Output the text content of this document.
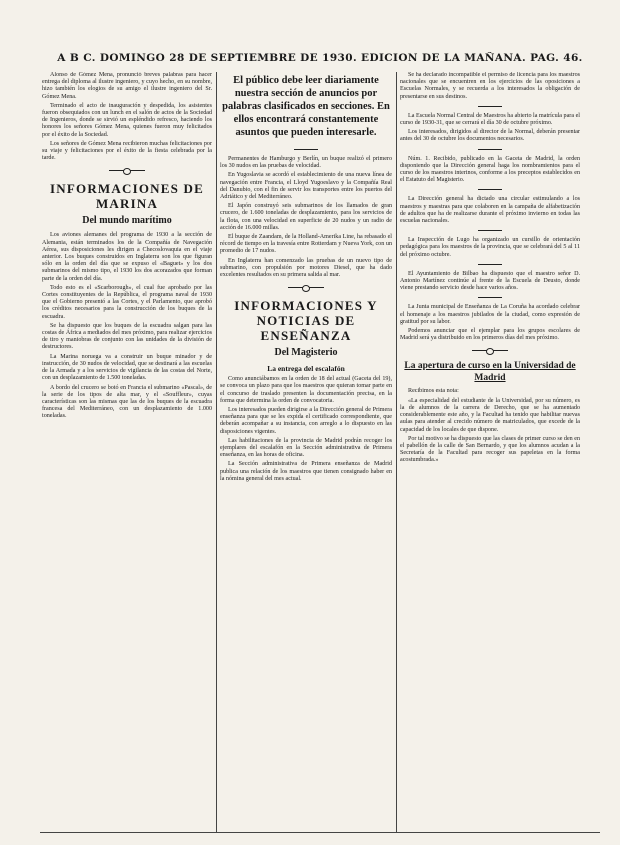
A B C. DOMINGO 28 DE SEPTIEMBRE DE 1930. EDICION DE LA MAÑANA. PAG. 46.

Alonso de Gómez Mena, pronunció breves palabras para hacer entrega del diploma al ilustre ingeniero, y cuyo hecho, en su nombre, hizo también los elogios de su amigo el ilustre ingeniero del Sr. Gómez Mena.

Terminado el acto de inauguración y despedida, los asistentes fueron obsequiados con un lunch en el salón de actos de la Sociedad de Ingenieros, donde se sirvió un espléndido refresco, haciendo los honores los señores Gómez Mena, quienes fueron muy felicitados por el éxito de la Sociedad.

Los señores de Gómez Mena recibieron muchas felicitaciones por su viaje y felicitaciones por el éxito de la fiesta celebrada por la tarde.

INFORMACIONES DE MARINA
Del mundo marítimo

Los aviones alemanes del programa de 1930 a la sección de Alemania, están terminados los de la Compañía de Navegación Aérea, sus disposiciones les dirigen a Checoslovaquia en el viaje anterior. Los buques construidos en Inglaterra son los que figuran sólo en la orden del día que se expuso el «Baguet» y los dos submarinos del mismo tipo, el 1930 los dos acorazados que forman parte de la orden del día.

Todo esto es el «Scarborough», el cual fue aprobado por las Cortes constituyentes de la República, el programa naval de 1930 que el Gobierno presentó a las Cortes, y el Parlamento, que aprobó los créditos necesarios para la construcción de los buques de la escuadra.

Se ha dispuesto que los buques de la escuadra salgan para las costas de África a mediados del mes próximo, para realizar ejercicios de tiro y maniobras de conjunto con las unidades de la división de destructores.

La Marina noruega va a construir un buque minador y de instrucción, de 30 nudos de velocidad, que se destinará a las escuelas de la Armada y a los servicios de vigilancia de las costas del Norte, con un desplazamiento de 1.500 toneladas.

A bordo del crucero se botó en Francia el submarino «Pascal», de la serie de los tipos de alta mar, y el «Souffleur», cuyas características son las mismas que las de los buques de la escuadra francesa del Mediterráneo, con un desplazamiento de 1.000 toneladas.

El público debe leer diariamente nuestra sección de anuncios por palabras clasificados en secciones. En ellos encontrará constantemente asuntos que pueden interesarle.

Permanentes de Hamburgo y Berlín, un buque realizó el primero los 30 nudos en las pruebas de velocidad.

En Yugoslavia se acordó el establecimiento de una nueva línea de navegación entre Francia, el Lloyd Yugoeslavo y la Compañía Real del Danubio, con el fin de servir los transportes entre los puertos del Adriático y del Mediterráneo.

El Japón construyó seis submarinos de los llamados de gran crucero, de 1.600 toneladas de desplazamiento, para los servicios de la flota, con una velocidad en superficie de 20 nudos y un radio de acción de 16.000 millas.

El buque de Zaandam, de la Holland-Amerika Line, ha rebasado el récord de tiempo en la travesía entre Rotterdam y Nueva York, con un promedio de 17 nudos.

En Inglaterra han comenzado las pruebas de un nuevo tipo de submarino, con propulsión por motores Diesel, que ha dado excelentes resultados en su primera salida al mar.

INFORMACIONES Y NOTICIAS DE ENSEÑANZA
Del Magisterio
La entrega del escalafón

Como anunciábamos en la orden de 18 del actual (Gaceta del 19), se convoca un plazo para que los maestros que quieran tomar parte en el concurso de traslado presenten la documentación precisa, en la forma que determina la orden de convocatoria.

Los interesados pueden dirigirse a la Dirección general de Primera enseñanza para que se les expida el certificado correspondiente, que deberán acompañar a su instancia, con arreglo a lo dispuesto en las disposiciones vigentes.

Las habilitaciones de la provincia de Madrid podrán recoger los ejemplares del escalafón en la Sección administrativa de Primera enseñanza, en las horas de oficina.

La Sección administrativa de Primera enseñanza de Madrid publica una relación de los maestros que tienen consignado haber en la nómina general del mes actual.

Se ha declarado incompatible el permiso de licencia para los maestros nacionales que se encuentren en los ejercicios de las oposiciones a Escuelas Normales, y se recuerda a los interesados la obligación de presentarse en sus destinos.

La Escuela Normal Central de Maestros ha abierto la matrícula para el curso de 1930-31, que se cerrará el día 30 de octubre próximo.

Los interesados, dirigidos al director de la Normal, deberán presentar antes del 30 de octubre los documentos necesarios.

Núm. 1. Recibido, publicado en la Gaceta de Madrid, la orden disponiendo que la Dirección general haga los nombramientos para el curso de los maestros interinos, conforme a los preceptos establecidos en el Estatuto del Magisterio.

La Dirección general ha dictado una circular estimulando a los maestros y maestras para que colaboren en la campaña de alfabetización de adultos que ha de realizarse durante el próximo invierno en todas las escuelas nacionales.

La Inspección de Lugo ha organizado un cursillo de orientación pedagógica para los maestros de la provincia, que se celebrará del 5 al 11 del próximo octubre.

El Ayuntamiento de Bilbao ha dispuesto que el maestro señor D. Antonio Martínez continúe al frente de la Escuela de Deusto, donde viene prestando servicio desde hace varios años.

La Junta municipal de Enseñanza de La Coruña ha acordado celebrar el homenaje a los maestros jubilados de la ciudad, como expresión de gratitud por su labor.

Podemos anunciar que el ejemplar para los grupos escolares de Madrid será ya distribuido en los primeros días del mes próximo.

La apertura de curso en la Universidad de Madrid

Recibimos esta nota:

«La especialidad del estudiante de la Universidad, por su número, es la de alumnos de la carrera de Derecho, que se ha aumentado considerablemente este año, y la Facultad ha tenido que habilitar nuevas aulas para atender al crecido número de matriculados, que excede de la capacidad de los locales de que dispone.

Por tal motivo se ha dispuesto que las clases de primer curso se den en el pabellón de la calle de San Bernardo, y que los alumnos acudan a la Secretaría de la Facultad para recoger sus papeletas en la forma acostumbrada.»
